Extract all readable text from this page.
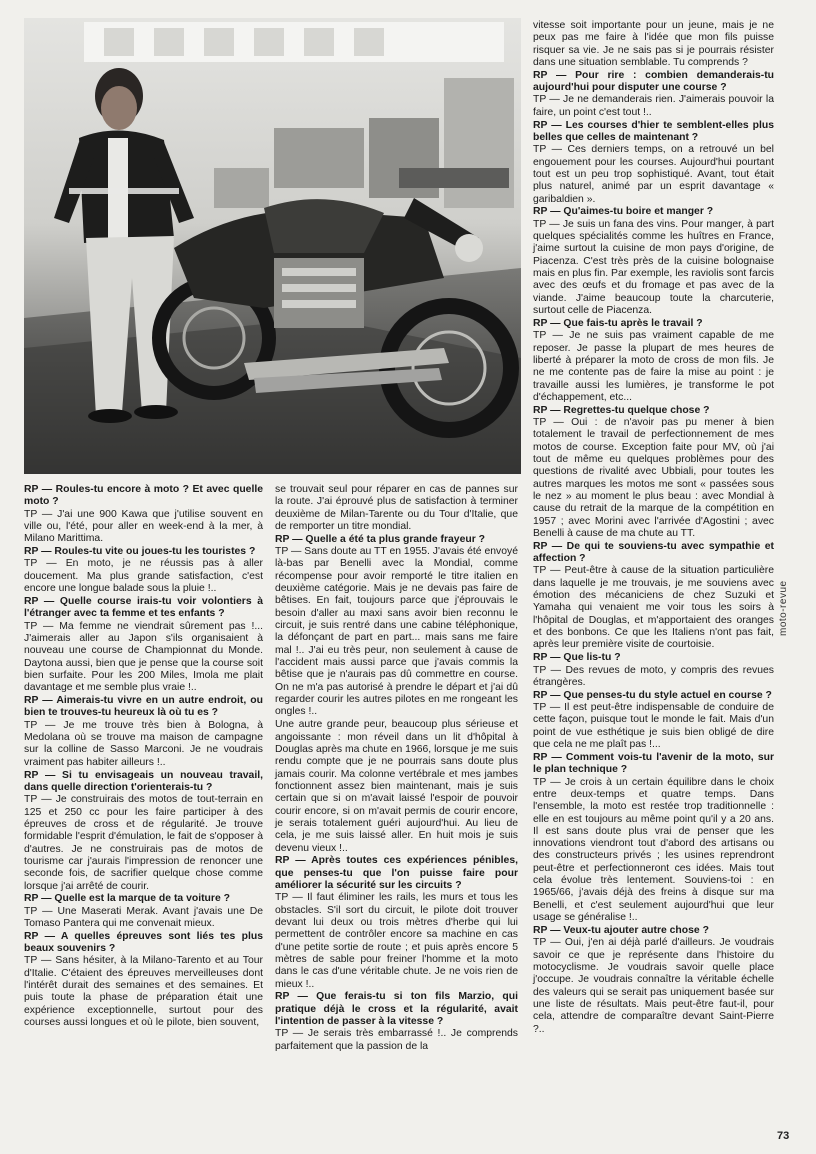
RP — Roules-tu encore à moto ? Et avec quelle moto ?
TP — J'ai une 900 Kawa que j'utilise souvent en ville ou, l'été, pour aller en week-end à la mer, à Milano Marittima.

RP — Roules-tu vite ou joues-tu les touristes ?
TP — En moto, je ne réussis pas à aller doucement. Ma plus grande satisfaction, c'est encore une longue balade sous la pluie !..

RP — Quelle course irais-tu voir volontiers à l'étranger avec ta femme et tes enfants ?
TP — Ma femme ne viendrait sûrement pas !... J'aimerais aller au Japon s'ils organisaient à nouveau une course de Championnat du Monde. Daytona aussi, bien que je pense que la course soit bien surfaite. Pour les 200 Miles, Imola me plait davantage et me semble plus vraie !..

RP — Aimerais-tu vivre en un autre endroit, ou bien te trouves-tu heureux là où tu es ?
TP — Je me trouve très bien à Bologna, à Medolana où se trouve ma maison de campagne sur la colline de Sasso Marconi. Je ne voudrais vraiment pas habiter ailleurs !..

RP — Si tu envisageais un nouveau travail, dans quelle direction t'orienterais-tu ?
TP — Je construirais des motos de tout-terrain en 125 et 250 cc pour les faire participer à des épreuves de cross et de régularité. Je trouve formidable l'esprit d'émulation, le fait de s'opposer à d'autres. Je ne construirais pas de motos de tourisme car j'aurais l'impression de renoncer une seconde fois, de sacrifier quelque chose comme lorsque j'ai arrêté de courir.

RP — Quelle est la marque de ta voiture ?
TP — Une Maserati Merak. Avant j'avais une De Tomaso Pantera qui me convenait mieux.

RP — A quelles épreuves sont liés tes plus beaux souvenirs ?
TP — Sans hésiter, à la Milano-Tarento et au Tour d'Italie. C'étaient des épreuves merveilleuses dont l'intérêt durait des semaines et des semaines. Et puis toute la phase de préparation était une expérience exceptionnelle, surtout pour des courses aussi longues et où le pilote, bien souvent,

se trouvait seul pour réparer en cas de pannes sur la route. J'ai éprouvé plus de satisfaction à terminer deuxième de Milan-Tarente ou du Tour d'Italie, que de remporter un titre mondial.

RP — Quelle a été ta plus grande frayeur ?
TP — Sans doute au TT en 1955. J'avais été envoyé là-bas par Benelli avec la Mondial, comme récompense pour avoir remporté le titre italien en deuxième catégorie. Mais je ne devais pas faire de bêtises. En fait, toujours parce que j'éprouvais le besoin d'aller au maxi sans avoir bien reconnu le circuit, je suis rentré dans une cabine téléphonique, la défonçant de part en part... mais sans me faire mal !.. J'ai eu très peur, non seulement à cause de l'accident mais aussi parce que j'avais commis la bêtise que je n'aurais pas dû commettre en course. On ne m'a pas autorisé à prendre le départ et j'ai dû regarder courir les autres pilotes en me rongeant les ongles !..

Une autre grande peur, beaucoup plus sérieuse et angoissante : mon réveil dans un lit d'hôpital à Douglas après ma chute en 1966, lorsque je me suis rendu compte que je ne pourrais sans doute plus jamais courir. Ma colonne vertébrale et mes jambes fonctionnent assez bien maintenant, mais je suis certain que si on m'avait laissé l'espoir de pouvoir courir encore, si on m'avait permis de courir encore, je serais totalement guéri aujourd'hui. Au lieu de cela, je me suis laissé aller. En huit mois je suis devenu vieux !..

RP — Après toutes ces expériences pénibles, que penses-tu que l'on puisse faire pour améliorer la sécurité sur les circuits ?
TP — Il faut éliminer les rails, les murs et tous les obstacles. S'il sort du circuit, le pilote doit trouver devant lui deux ou trois mètres d'herbe qui lui permettent de contrôler encore sa machine en cas d'une petite sortie de route ; et puis après encore 5 mètres de sable pour freiner l'homme et la moto dans le cas d'une véritable chute. Je ne vois rien de mieux !..

RP — Que ferais-tu si ton fils Marzio, qui pratique déjà le cross et la régularité, avait l'intention de passer à la vitesse ?
TP — Je serais très embarrassé !.. Je comprends parfaitement que la passion de la

vitesse soit importante pour un jeune, mais je ne peux pas me faire à l'idée que mon fils puisse risquer sa vie. Je ne sais pas si je pourrais résister dans une situation semblable. Tu comprends ?

RP — Pour rire : combien demanderais-tu aujourd'hui pour disputer une course ?
TP — Je ne demanderais rien. J'aimerais pouvoir la faire, un point c'est tout !..

RP — Les courses d'hier te semblent-elles plus belles que celles de maintenant ?
TP — Ces derniers temps, on a retrouvé un bel engouement pour les courses. Aujourd'hui pourtant tout est un peu trop sophistiqué. Avant, tout était plus naturel, animé par un esprit davantage « garibaldien ».

RP — Qu'aimes-tu boire et manger ?
TP — Je suis un fana des vins. Pour manger, à part quelques spécialités comme les huîtres en France, j'aime surtout la cuisine de mon pays d'origine, de Piacenza. C'est très près de la cuisine bolognaise mais en plus fin. Par exemple, les raviolis sont farcis avec des œufs et du fromage et pas avec de la viande. J'aime beaucoup toute la charcuterie, surtout celle de Piacenza.

RP — Que fais-tu après le travail ?
TP — Je ne suis pas vraiment capable de me reposer. Je passe la plupart de mes heures de liberté à préparer la moto de cross de mon fils. Je ne me contente pas de faire la mise au point : je travaille aussi les lumières, je transforme le pot d'échappement, etc...

RP — Regrettes-tu quelque chose ?
TP — Oui : de n'avoir pas pu mener à bien totalement le travail de perfectionnement de mes motos de course. Exception faite pour MV, où j'ai tout de même eu quelques problèmes pour des questions de rivalité avec Ubbiali, pour toutes les autres marques les motos me sont « passées sous le nez » au moment le plus beau : avec Mondial à cause du retrait de la marque de la compétition en 1957 ; avec Morini avec l'arrivée d'Agostini ; avec Benelli à cause de ma chute au TT.

RP — De qui te souviens-tu avec sympathie et affection ?
TP — Peut-être à cause de la situation particulière dans laquelle je me trouvais, je me souviens avec émotion des mécaniciens de chez Suzuki et Yamaha qui venaient me voir tous les soirs à l'hôpital de Douglas, et m'apportaient des oranges et des bonbons. Ce que les Italiens n'ont pas fait, après leur première visite de courtoisie.

RP — Que lis-tu ?
TP — Des revues de moto, y compris des revues étrangères.

RP — Que penses-tu du style actuel en course ?
TP — Il est peut-être indispensable de conduire de cette façon, puisque tout le monde le fait. Mais d'un point de vue esthétique je suis bien obligé de dire que cela ne me plaît pas !...

RP — Comment vois-tu l'avenir de la moto, sur le plan technique ?
TP — Je crois à un certain équilibre dans le choix entre deux-temps et quatre temps. Dans l'ensemble, la moto est restée trop traditionnelle : elle en est toujours au même point qu'il y a 20 ans. Il est sans doute plus vrai de penser que les innovations viendront tout d'abord des artisans ou des constructeurs privés ; les usines reprendront peut-être et perfectionneront ces idées. Mais tout cela évolue très lentement. Souviens-toi : en 1965/66, j'avais déjà des freins à disque sur ma Benelli, et c'est seulement aujourd'hui que leur usage se généralise !..

RP — Veux-tu ajouter autre chose ?
TP — Oui, j'en ai déjà parlé d'ailleurs. Je voudrais savoir ce que je représente dans l'histoire du motocyclisme. Je voudrais savoir quelle place j'occupe. Je voudrais connaître la véritable échelle des valeurs qui se serait pas uniquement basée sur une liste de résultats. Mais peut-être faut-il, pour cela, attendre de comparaître devant Saint-Pierre ?..

moto-revue
73
